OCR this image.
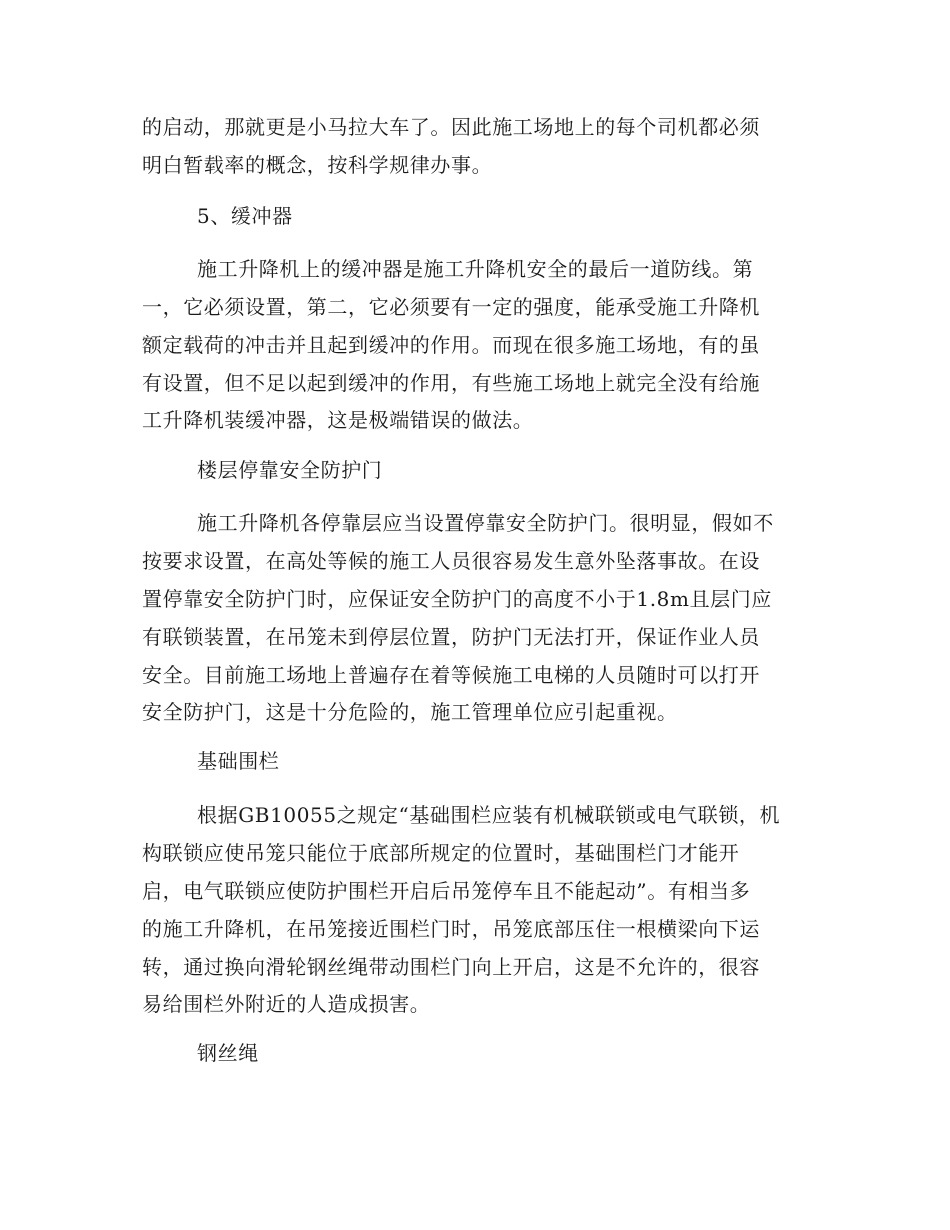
的启动，那就更是小马拉大车了。因此施工场地上的每个司机都必须
明白暂载率的概念，按科学规律办事。
5、缓冲器
施工升降机上的缓冲器是施工升降机安全的最后一道防线。第
一，它必须设置，第二，它必须要有一定的强度，能承受施工升降机
额定载荷的冲击并且起到缓冲的作用。而现在很多施工场地，有的虽
有设置，但不足以起到缓冲的作用，有些施工场地上就完全没有给施
工升降机装缓冲器，这是极端错误的做法。
楼层停靠安全防护门
施工升降机各停靠层应当设置停靠安全防护门。很明显，假如不
按要求设置，在高处等候的施工人员很容易发生意外坠落事故。在设
置停靠安全防护门时，应保证安全防护门的高度不小于1.8m且层门应
有联锁装置，在吊笼未到停层位置，防护门无法打开，保证作业人员
安全。目前施工场地上普遍存在着等候施工电梯的人员随时可以打开
安全防护门，这是十分危险的，施工管理单位应引起重视。
基础围栏
根据GB10055之规定“基础围栏应装有机械联锁或电气联锁，机
构联锁应使吊笼只能位于底部所规定的位置时，基础围栏门才能开
启，电气联锁应使防护围栏开启后吊笼停车且不能起动”。有相当多
的施工升降机，在吊笼接近围栏门时，吊笼底部压住一根横梁向下运
转，通过换向滑轮钢丝绳带动围栏门向上开启，这是不允许的，很容
易给围栏外附近的人造成损害。
钢丝绳
